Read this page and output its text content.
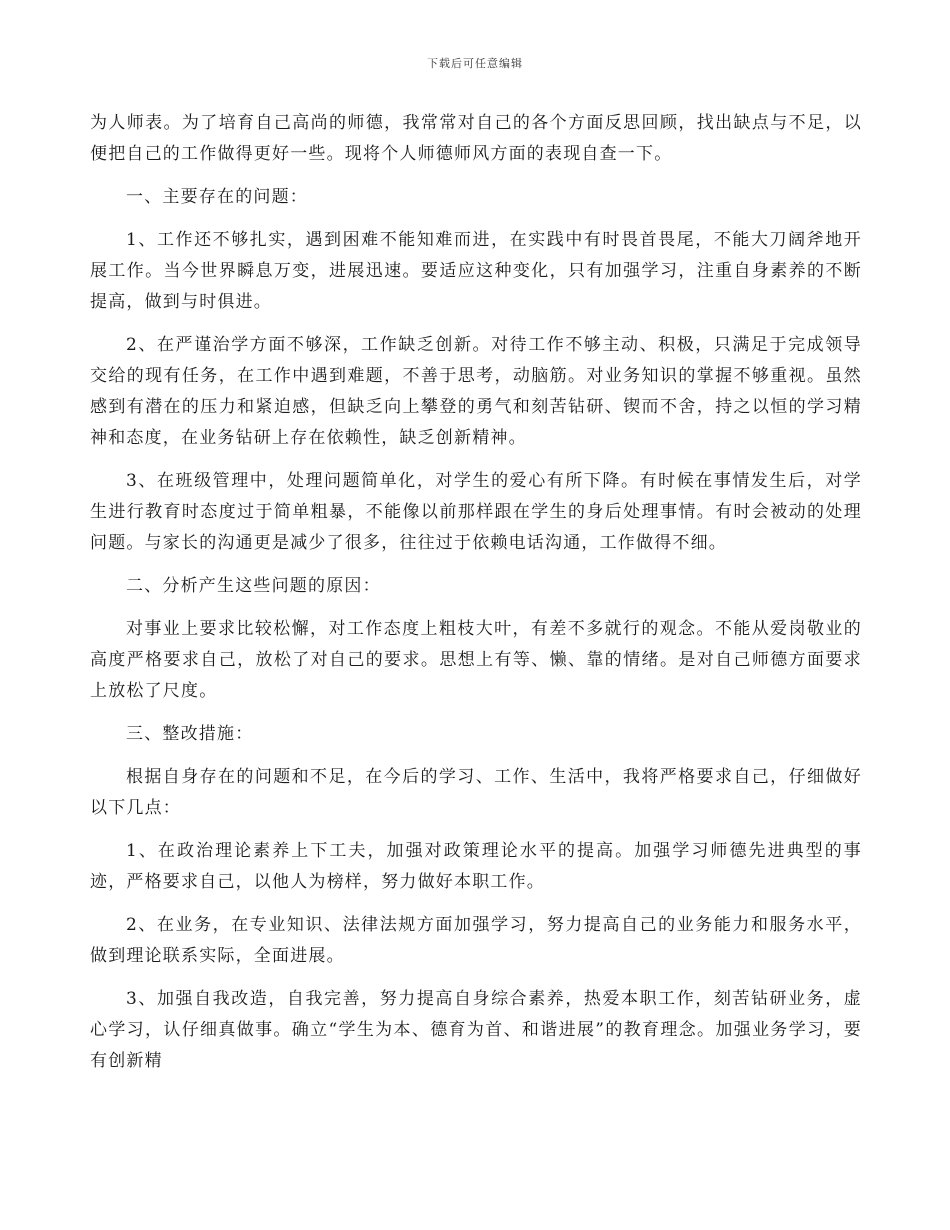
下载后可任意编辑

为人师表。为了培育自己高尚的师德，我常常对自己的各个方面反思回顾，找出缺点与不足，以便把自己的工作做得更好一些。现将个人师德师风方面的表现自查一下。

一、主要存在的问题：

1、工作还不够扎实，遇到困难不能知难而进，在实践中有时畏首畏尾，不能大刀阔斧地开展工作。当今世界瞬息万变，进展迅速。要适应这种变化，只有加强学习，注重自身素养的不断提高，做到与时俱进。

2、在严谨治学方面不够深，工作缺乏创新。对待工作不够主动、积极，只满足于完成领导交给的现有任务，在工作中遇到难题，不善于思考，动脑筋。对业务知识的掌握不够重视。虽然感到有潜在的压力和紧迫感，但缺乏向上攀登的勇气和刻苦钻研、锲而不舍，持之以恒的学习精神和态度，在业务钻研上存在依赖性，缺乏创新精神。

3、在班级管理中，处理问题简单化，对学生的爱心有所下降。有时候在事情发生后，对学生进行教育时态度过于简单粗暴，不能像以前那样跟在学生的身后处理事情。有时会被动的处理问题。与家长的沟通更是减少了很多，往往过于依赖电话沟通，工作做得不细。

二、分析产生这些问题的原因：

对事业上要求比较松懈，对工作态度上粗枝大叶，有差不多就行的观念。不能从爱岗敬业的高度严格要求自己，放松了对自己的要求。思想上有等、懒、靠的情绪。是对自己师德方面要求上放松了尺度。

三、整改措施：

根据自身存在的问题和不足，在今后的学习、工作、生活中，我将严格要求自己，仔细做好以下几点：

1、在政治理论素养上下工夫，加强对政策理论水平的提高。加强学习师德先进典型的事迹，严格要求自己，以他人为榜样，努力做好本职工作。

2、在业务，在专业知识、法律法规方面加强学习，努力提高自己的业务能力和服务水平，做到理论联系实际，全面进展。

3、加强自我改造，自我完善，努力提高自身综合素养，热爱本职工作，刻苦钻研业务，虚心学习，认仔细真做事。确立“学生为本、德育为首、和谐进展”的教育理念。加强业务学习，要有创新精
